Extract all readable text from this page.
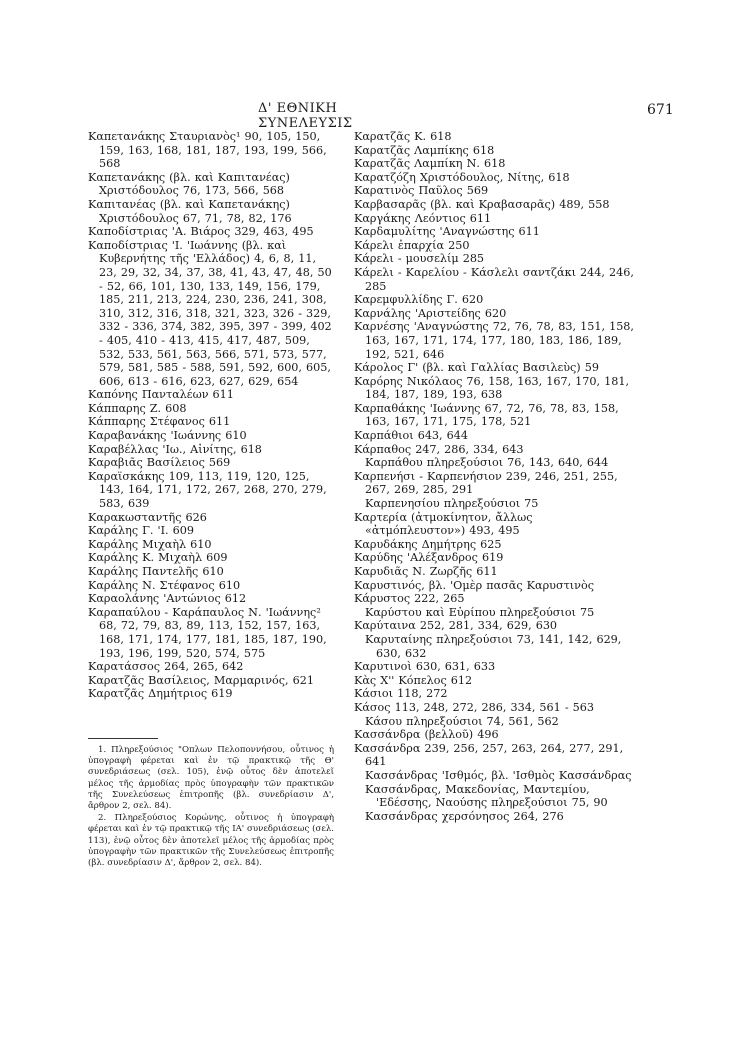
Δ' ΕΘΝΙΚΗ ΣΥΝΕΛΕΥΣΙΣ
671
Καπετανάκης Σταυριανὸς¹ 90, 105, 150, 159, 163, 168, 181, 187, 193, 199, 566, 568
Καπετανάκης (βλ. καὶ Καπιτανέας) Χριστόδουλος 76, 173, 566, 568
Καπιτανέας (βλ. καὶ Καπετανάκης) Χριστόδουλος 67, 71, 78, 82, 176
Καποδίστριας 'Α. Βιάρος 329, 463, 495
Καποδίστριας 'Ι. 'Ιωάννης (βλ. καὶ Κυβερνήτης τῆς 'Ελλάδος) 4, 6, 8, 11, 23, 29, 32, 34, 37, 38, 41, 43, 47, 48, 50 - 52, 66, 101, 130, 133, 149, 156, 179, 185, 211, 213, 224, 230, 236, 241, 308, 310, 312, 316, 318, 321, 323, 326 - 329, 332 - 336, 374, 382, 395, 397 - 399, 402 - 405, 410 - 413, 415, 417, 487, 509, 532, 533, 561, 563, 566, 571, 573, 577, 579, 581, 585 - 588, 591, 592, 600, 605, 606, 613 - 616, 623, 627, 629, 654
Καπόνης Πανταλέων 611
Κάππαρης Ζ. 608
Κάππαρης Στέφανος 611
Καραβανάκης 'Ιωάννης 610
Καραβέλλας 'Ιω., Αἰνίτης, 618
Καραβιᾶς Βασίλειος 569
Καραϊσκάκης 109, 113, 119, 120, 125, 143, 164, 171, 172, 267, 268, 270, 279, 583, 639
Καρακωσταντῆς 626
Καράλης Γ. 'Ι. 609
Καράλης Μιχαὴλ 610
Καράλης Κ. Μιχαὴλ 609
Καράλης Παντελῆς 610
Καράλης Ν. Στέφανος 610
Καραολάνης 'Αντώνιος 612
Καραπαύλου - Καράπαυλος Ν. 'Ιωάννης² 68, 72, 79, 83, 89, 113, 152, 157, 163, 168, 171, 174, 177, 181, 185, 187, 190, 193, 196, 199, 520, 574, 575
Καρατάσσος 264, 265, 642
Καρατζᾶς Βασίλειος, Μαρμαρινός, 621
Καρατζᾶς Δημήτριος 619
Καρατζᾶς Κ. 618
Καρατζᾶς Λαμπίκης 618
Καρατζᾶς Λαμπίκη Ν. 618
Καρατζόζη Χριστόδουλος, Νίτης, 618
Καρατινὸς Παῦλος 569
Καρβασαρᾶς (βλ. καὶ Κραβασαρᾶς) 489, 558
Καργάκης Λεόντιος 611
Καρδαμυλίτης 'Αναγνώστης 611
Κάρελι ἐπαρχία 250
Κάρελι - μουσελίμ 285
Κάρελι - Καρελίου - Κάσλελι σαντζάκι 244, 246, 285
Καρεμφυλλίδης Γ. 620
Καρνάλης 'Αριστείδης 620
Καρνέσης 'Αναγνώστης 72, 76, 78, 83, 151, 158, 163, 167, 171, 174, 177, 180, 183, 186, 189, 192, 521, 646
Κάρολος Γ' (βλ. καὶ Γαλλίας Βασιλεὺς) 59
Καρόρης Νικόλαος 76, 158, 163, 167, 170, 181, 184, 187, 189, 193, 638
Καρπαθάκης 'Ιωάννης 67, 72, 76, 78, 83, 158, 163, 167, 171, 175, 178, 521
Καρπάθιοι 643, 644
Κάρπαθος 247, 286, 334, 643
Καρπάθου πληρεξούσιοι 76, 143, 640, 644
Καρπενήσι - Καρπενήσιον 239, 246, 251, 255, 267, 269, 285, 291
Καρπενησίου πληρεξούσιοι 75
Καρτερία (ἀτμοκίνητον, ἄλλως «ἀτμόπλευστον») 493, 495
Καρυδάκης Δημήτρης 625
Καρύδης 'Αλέξανδρος 619
Καρυδιᾶς Ν. Ζωρζῆς 611
Καρυστινός, βλ. 'Ομὲρ πασᾶς Καρυστινὸς
Κάρυστος 222, 265
Καρύστου καὶ Εὐρίπου πληρεξούσιοι 75
Καρύταινα 252, 281, 334, 629, 630
Καρυταίνης πληρεξούσιοι 73, 141, 142, 629, 630, 632
Καρυτινοὶ 630, 631, 633
Κὰς Χ'' Κόπελος 612
Κάσιοι 118, 272
Κάσος 113, 248, 272, 286, 334, 561 - 563
Κάσου πληρεξούσιοι 74, 561, 562
Κασσάνδρα (βελλοῦ) 496
Κασσάνδρα 239, 256, 257, 263, 264, 277, 291, 641
Κασσάνδρας 'Ισθμός, βλ. 'Ισθμὸς Κασσάνδρας
Κασσάνδρας, Μακεδονίας, Μαντεμίου, 'Εδέσσης, Ναούσης πληρεξούσιοι 75, 90
Κασσάνδρας χερσόνησος 264, 276
1. Πληρεξούσιος "Οπλων Πελοποννήσου, οὗτινος ἡ ὑπογραφὴ φέρεται καὶ ἐν τῷ πρακτικῷ τῆς Θ' συνεδριάσεως (σελ. 105), ἐνῷ οὗτος δὲν ἀποτελεῖ μέλος τῆς ἁρμοδίας πρὸς ὑπογραφὴν τῶν πρακτικῶν τῆς Συνελεύσεως ἐπιτροπῆς (βλ. συνεδρίασιν Δ', ἄρθρον 2, σελ. 84).
2. Πληρεξούσιος Κορώνης, οὗτινος ἡ ὑπογραφὴ φέρεται καὶ ἐν τῷ πρακτικῷ τῆς ΙΑ' συνεδριάσεως (σελ. 113), ἐνῷ οὗτος δὲν ἀποτελεῖ μέλος τῆς ἁρμοδίας πρὸς ὑπογραφὴν τῶν πρακτικῶν τῆς Συνελεύσεως ἐπιτροπῆς (βλ. συνεδρίασιν Δ', ἄρθρον 2, σελ. 84).
